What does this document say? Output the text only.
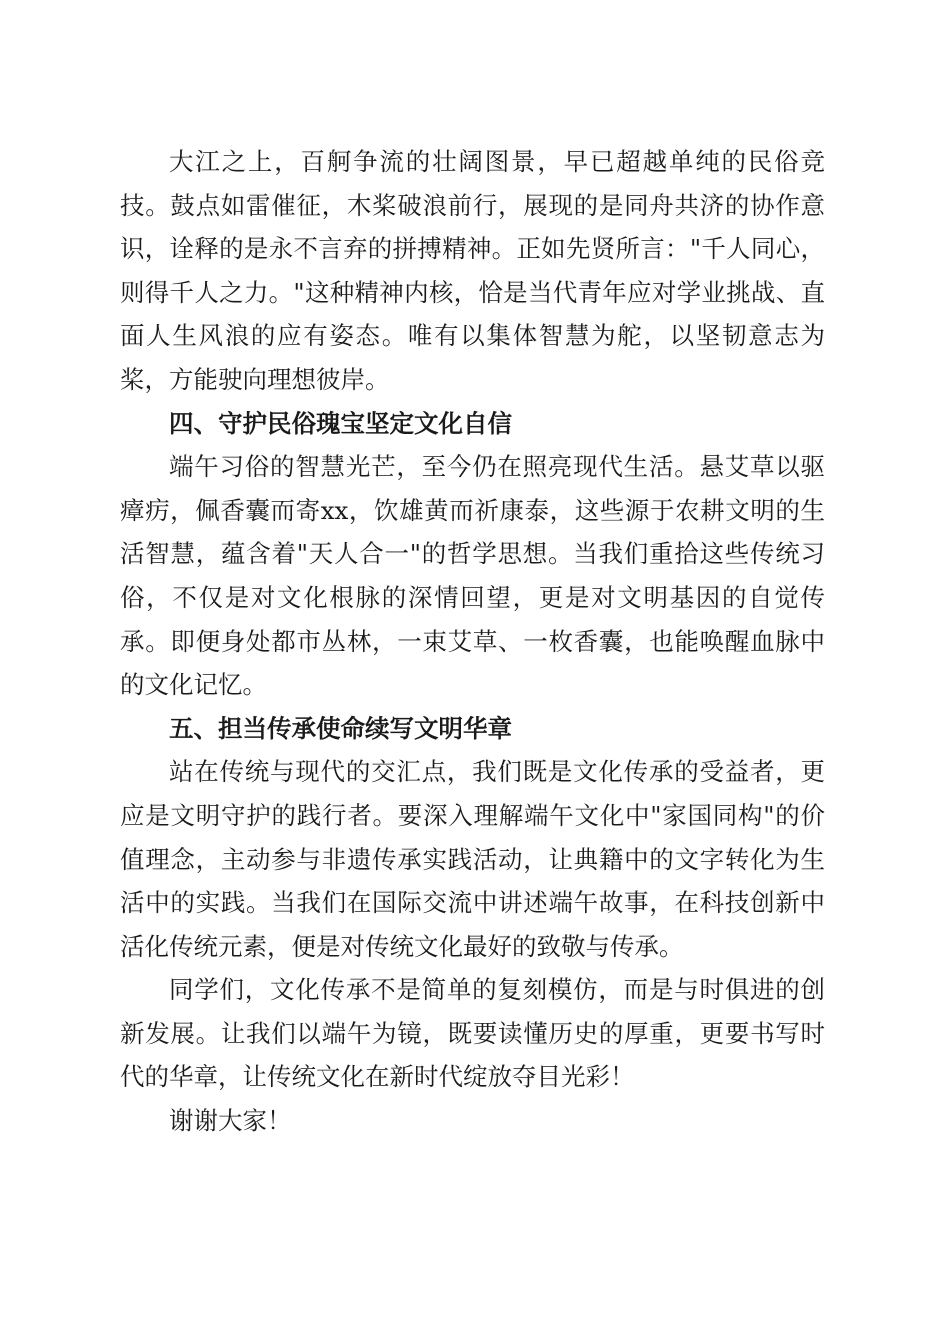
大江之上，百舸争流的壮阔图景，早已超越单纯的民俗竞技。鼓点如雷催征，木桨破浪前行，展现的是同舟共济的协作意识，诠释的是永不言弃的拼搏精神。正如先贤所言："千人同心，则得千人之力。"这种精神内核，恰是当代青年应对学业挑战、直面人生风浪的应有姿态。唯有以集体智慧为舵，以坚韧意志为桨，方能驶向理想彼岸。

四、守护民俗瑰宝坚定文化自信

端午习俗的智慧光芒，至今仍在照亮现代生活。悬艾草以驱瘴疠，佩香囊而寄xx，饮雄黄而祈康泰，这些源于农耕文明的生活智慧，蕴含着"天人合一"的哲学思想。当我们重拾这些传统习俗，不仅是对文化根脉的深情回望，更是对文明基因的自觉传承。即便身处都市丛林，一束艾草、一枚香囊，也能唤醒血脉中的文化记忆。

五、担当传承使命续写文明华章

站在传统与现代的交汇点，我们既是文化传承的受益者，更应是文明守护的践行者。要深入理解端午文化中"家国同构"的价值理念，主动参与非遗传承实践活动，让典籍中的文字转化为生活中的实践。当我们在国际交流中讲述端午故事，在科技创新中活化传统元素，便是对传统文化最好的致敬与传承。

同学们，文化传承不是简单的复刻模仿，而是与时俱进的创新发展。让我们以端午为镜，既要读懂历史的厚重，更要书写时代的华章，让传统文化在新时代绽放夺目光彩！

谢谢大家！
